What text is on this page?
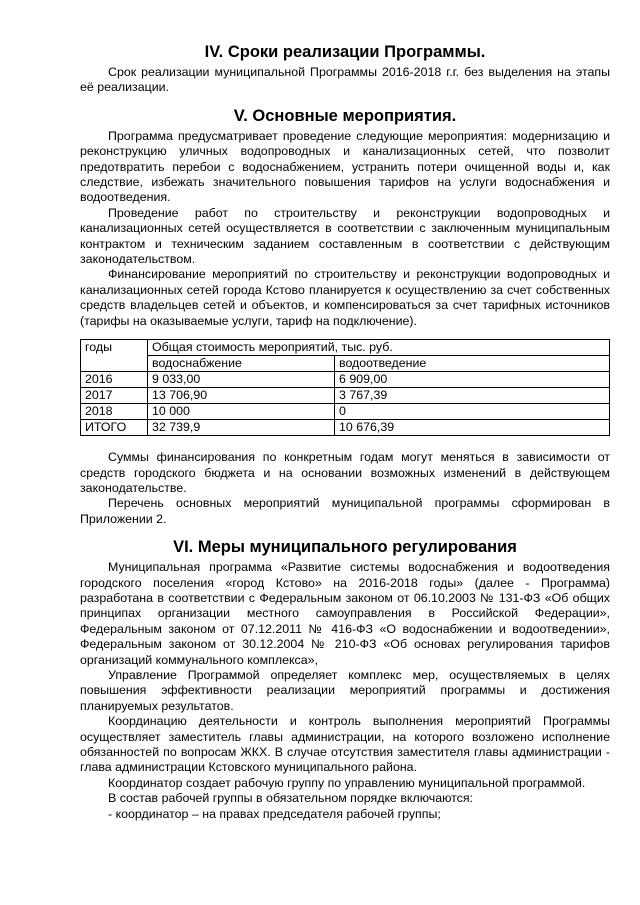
IV. Сроки реализации Программы.

Срок реализации муниципальной Программы 2016-2018 г.г. без выделения на этапы её реализации.

V. Основные мероприятия.

Программа предусматривает проведение следующие мероприятия: модернизацию и реконструкцию уличных водопроводных и канализационных сетей, что позволит предотвратить перебои с водоснабжением, устранить потери очищенной воды и, как следствие, избежать значительного повышения тарифов на услуги водоснабжения и водоотведения.

Проведение работ по строительству и реконструкции водопроводных и канализационных сетей осуществляется в соответствии с заключенным муниципальным контрактом и техническим заданием составленным в соответствии с действующим законодательством.

Финансирование мероприятий по строительству и реконструкции водопроводных и канализационных сетей города Кстово планируется к осуществлению за счет собственных средств владельцев сетей и объектов, и компенсироваться за счет тарифных источников (тарифы на оказываемые услуги, тариф на подключение).

годы	Общая стоимость мероприятий, тыс. руб.	
	водоснабжение	водоотведение
2016	9 033,00	6 909,00
2017	13 706,90	3 767,39
2018	10 000	0
ИТОГО	32 739,9	10 676,39

Суммы финансирования по конкретным годам могут меняться в зависимости от средств городского бюджета и на основании возможных изменений в действующем законодательстве.

Перечень основных мероприятий муниципальной программы сформирован в Приложении 2.

VI. Меры муниципального регулирования

Муниципальная программа «Развитие системы водоснабжения и водоотведения городского поселения «город Кстово» на 2016-2018 годы» (далее - Программа) разработана в соответствии с Федеральным законом от 06.10.2003 № 131-ФЗ «Об общих принципах организации местного самоуправления в Российской Федерации», Федеральным законом от 07.12.2011 № 416-ФЗ «О водоснабжении и водоотведении», Федеральным законом от 30.12.2004 № 210-ФЗ «Об основах регулирования тарифов организаций коммунального комплекса»,

Управление Программой определяет комплекс мер, осуществляемых в целях повышения эффективности реализации мероприятий программы и достижения планируемых результатов.

Координацию деятельности и контроль выполнения мероприятий Программы осуществляет заместитель главы администрации, на которого возложено исполнение обязанностей по вопросам ЖКХ. В случае отсутствия заместителя главы администрации - глава администрации Кстовского муниципального района.

Координатор создает рабочую группу по управлению муниципальной программой.

В состав рабочей группы в обязательном порядке включаются:

- координатор – на правах председателя рабочей группы;
